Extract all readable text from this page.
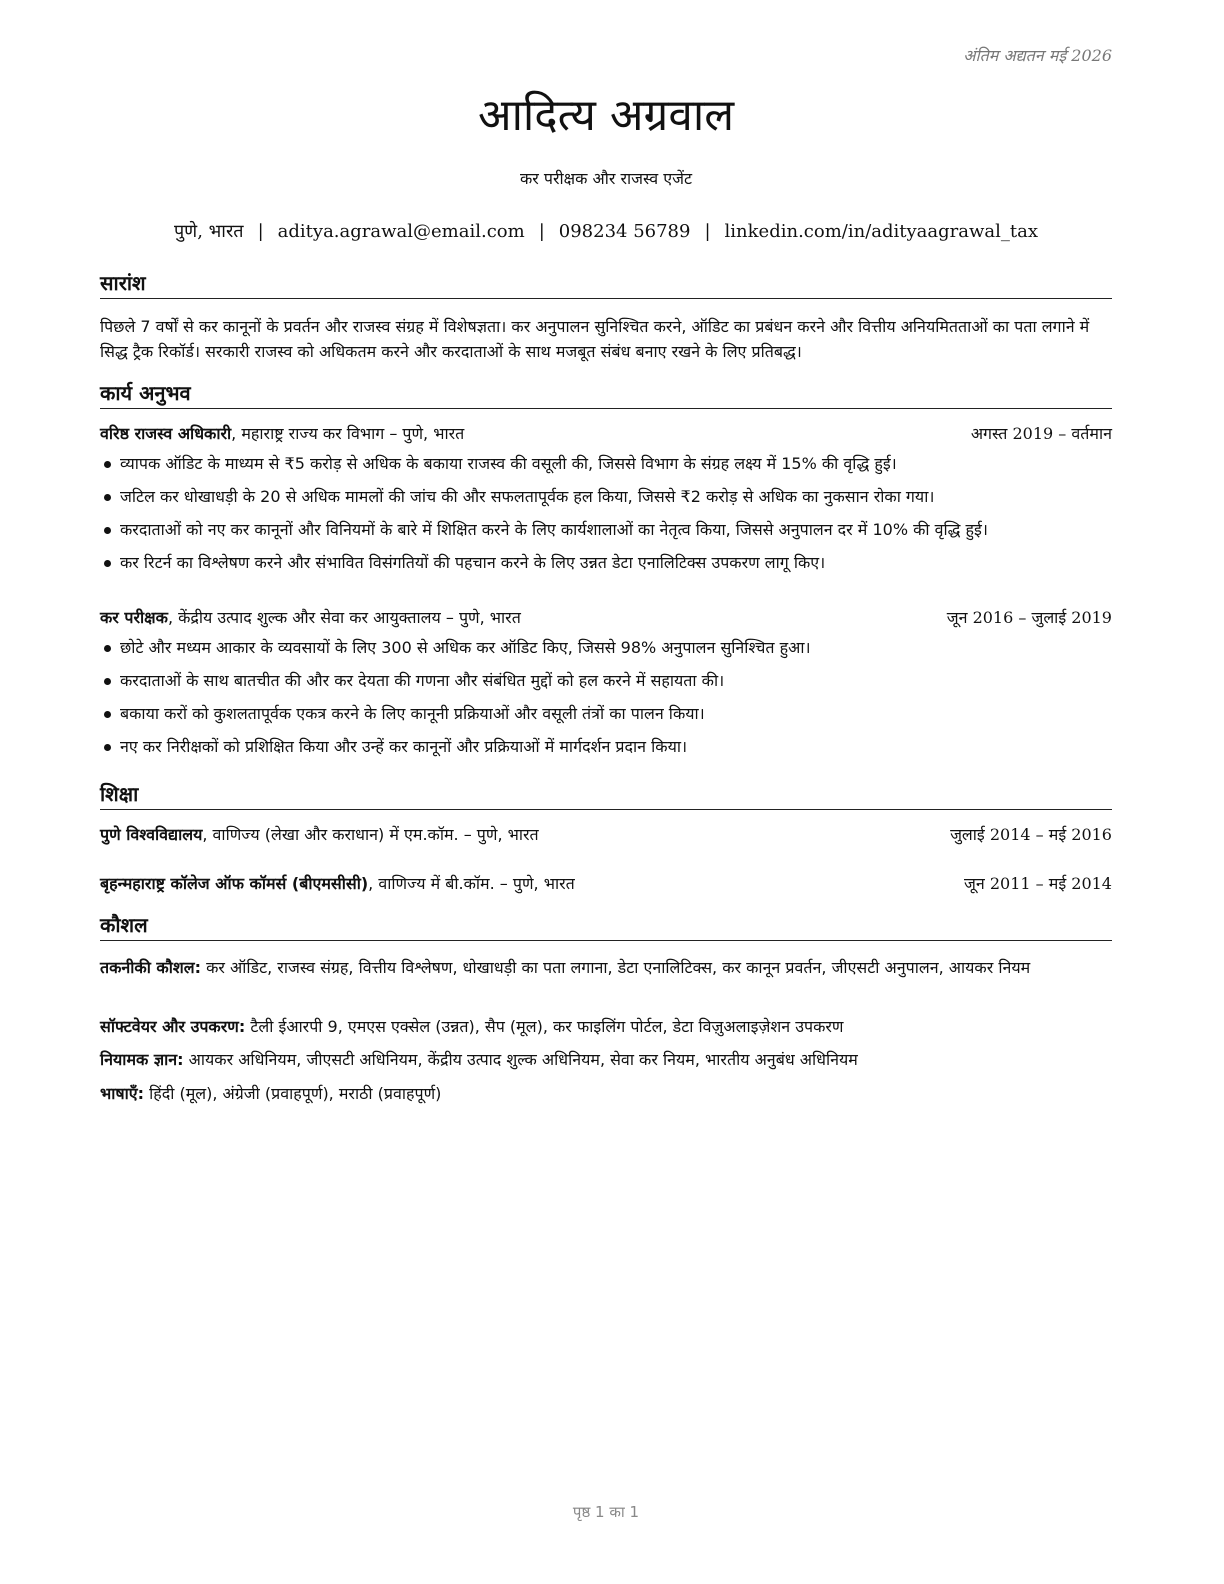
अंतिम अद्यतन मई 2026
आदित्य अग्रवाल
कर परीक्षक और राजस्व एजेंट
पुणे, भारत | aditya.agrawal@email.com | 098234 56789 | linkedin.com/in/adityaagrawal_tax
सारांश
पिछले 7 वर्षों से कर कानूनों के प्रवर्तन और राजस्व संग्रह में विशेषज्ञता। कर अनुपालन सुनिश्चित करने, ऑडिट का प्रबंधन करने और वित्तीय अनियमितताओं का पता लगाने में सिद्ध ट्रैक रिकॉर्ड। सरकारी राजस्व को अधिकतम करने और करदाताओं के साथ मजबूत संबंध बनाए रखने के लिए प्रतिबद्ध।
कार्य अनुभव
वरिष्ठ राजस्व अधिकारी, महाराष्ट्र राज्य कर विभाग – पुणे, भारत	अगस्त 2019 – वर्तमान
व्यापक ऑडिट के माध्यम से ₹5 करोड़ से अधिक के बकाया राजस्व की वसूली की, जिससे विभाग के संग्रह लक्ष्य में 15% की वृद्धि हुई।
जटिल कर धोखाधड़ी के 20 से अधिक मामलों की जांच की और सफलतापूर्वक हल किया, जिससे ₹2 करोड़ से अधिक का नुकसान रोका गया।
करदाताओं को नए कर कानूनों और विनियमों के बारे में शिक्षित करने के लिए कार्यशालाओं का नेतृत्व किया, जिससे अनुपालन दर में 10% की वृद्धि हुई।
कर रिटर्न का विश्लेषण करने और संभावित विसंगतियों की पहचान करने के लिए उन्नत डेटा एनालिटिक्स उपकरण लागू किए।
कर परीक्षक, केंद्रीय उत्पाद शुल्क और सेवा कर आयुक्तालय – पुणे, भारत	जून 2016 – जुलाई 2019
छोटे और मध्यम आकार के व्यवसायों के लिए 300 से अधिक कर ऑडिट किए, जिससे 98% अनुपालन सुनिश्चित हुआ।
करदाताओं के साथ बातचीत की और कर देयता की गणना और संबंधित मुद्दों को हल करने में सहायता की।
बकाया करों को कुशलतापूर्वक एकत्र करने के लिए कानूनी प्रक्रियाओं और वसूली तंत्रों का पालन किया।
नए कर निरीक्षकों को प्रशिक्षित किया और उन्हें कर कानूनों और प्रक्रियाओं में मार्गदर्शन प्रदान किया।
शिक्षा
पुणे विश्वविद्यालय, वाणिज्य (लेखा और कराधान) में एम.कॉम. – पुणे, भारत	जुलाई 2014 – मई 2016
बृहन्महाराष्ट्र कॉलेज ऑफ कॉमर्स (बीएमसीसी), वाणिज्य में बी.कॉम. – पुणे, भारत	जून 2011 – मई 2014
कौशल
तकनीकी कौशल: कर ऑडिट, राजस्व संग्रह, वित्तीय विश्लेषण, धोखाधड़ी का पता लगाना, डेटा एनालिटिक्स, कर कानून प्रवर्तन, जीएसटी अनुपालन, आयकर नियम
सॉफ्टवेयर और उपकरण: टैली ईआरपी 9, एमएस एक्सेल (उन्नत), सैप (मूल), कर फाइलिंग पोर्टल, डेटा विज़ुअलाइज़ेशन उपकरण
नियामक ज्ञान: आयकर अधिनियम, जीएसटी अधिनियम, केंद्रीय उत्पाद शुल्क अधिनियम, सेवा कर नियम, भारतीय अनुबंध अधिनियम
भाषाएँ: हिंदी (मूल), अंग्रेजी (प्रवाहपूर्ण), मराठी (प्रवाहपूर्ण)
पृष्ठ 1 का 1
